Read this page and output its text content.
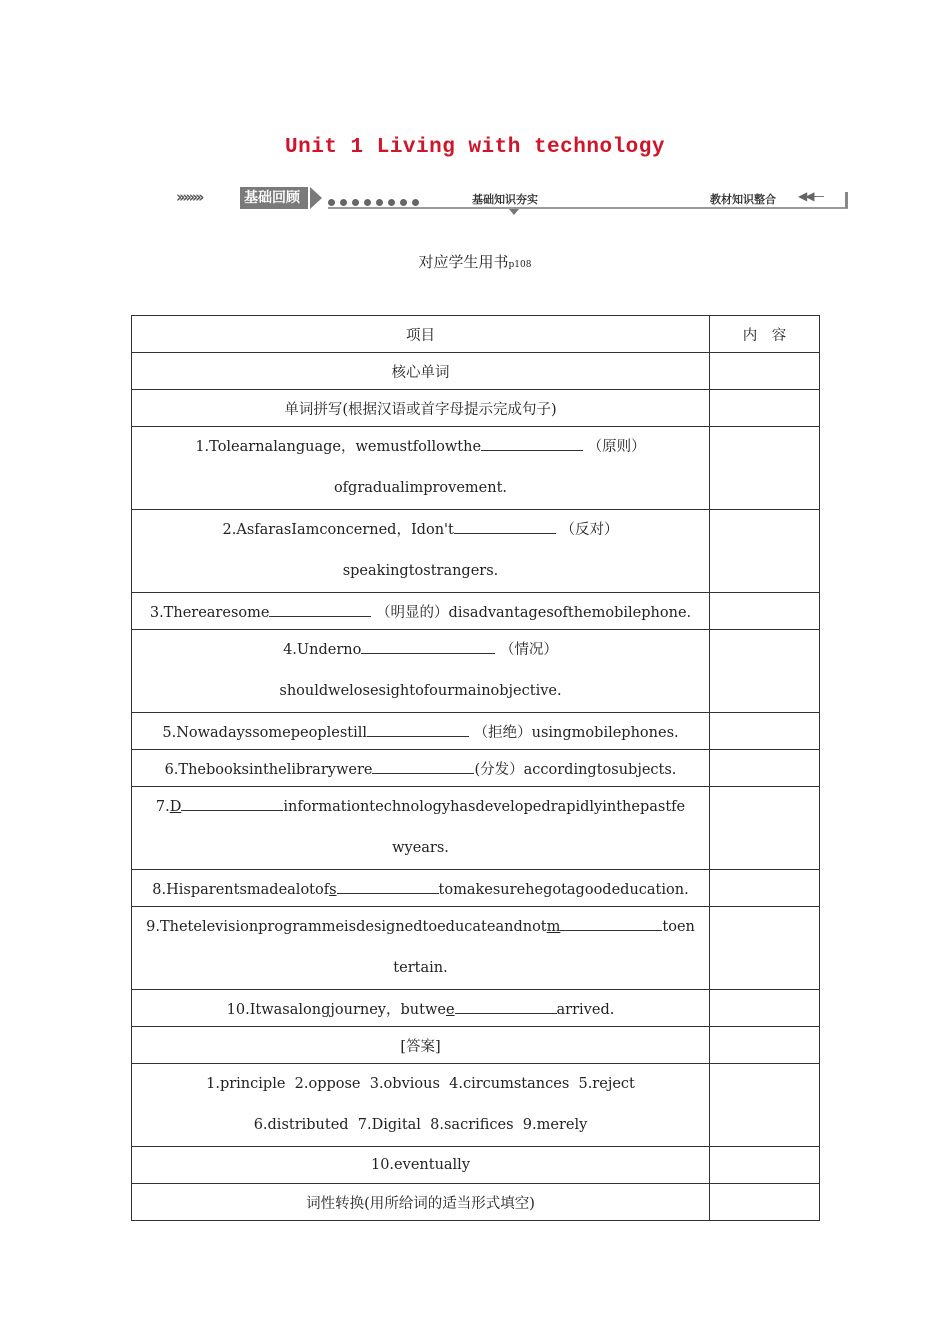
Unit 1 Living with technology
››››››››	基础回顾	基础知识夯实	教材知识整合 ◀◀—
对应学生用书p108
项目	内　容
核心单词	
单词拼写(根据汉语或首字母提示完成句子)	

1.Tolearnalanguage，wemustfollowthe （原则）
ofgradualimprovement.	

2.AsfarasIamconcerned，Idon't （反对）
speakingtostrangers.	

3.Therearesome （明显的）disadvantagesofthemobilephone.	

4.Underno （情况）
shouldwelosesightofourmainobjective.	

5.Nowadayssomepeoplestill （拒绝）usingmobilephones.	
6.Thebooksinthelibrarywere (分发）accordingtosubjects.	

7.D informationtechnologyhasdevelopedrapidlyinthepastfe
wyears.	

8.Hisparentsmadealotofs tomakesurehegotagoodeducation.	

9.Thetelevisionprogrammeisdesignedtoeducateandnotm toen
tertain.	

10.Itwasalongjourney，butwee arrived.	
[答案]	

1.principle  2.oppose  3.obvious  4.circumstances  5.reject
6.distributed  7.Digital  8.sacrifices  9.merely	

10.eventually	
词性转换(用所给词的适当形式填空)	
